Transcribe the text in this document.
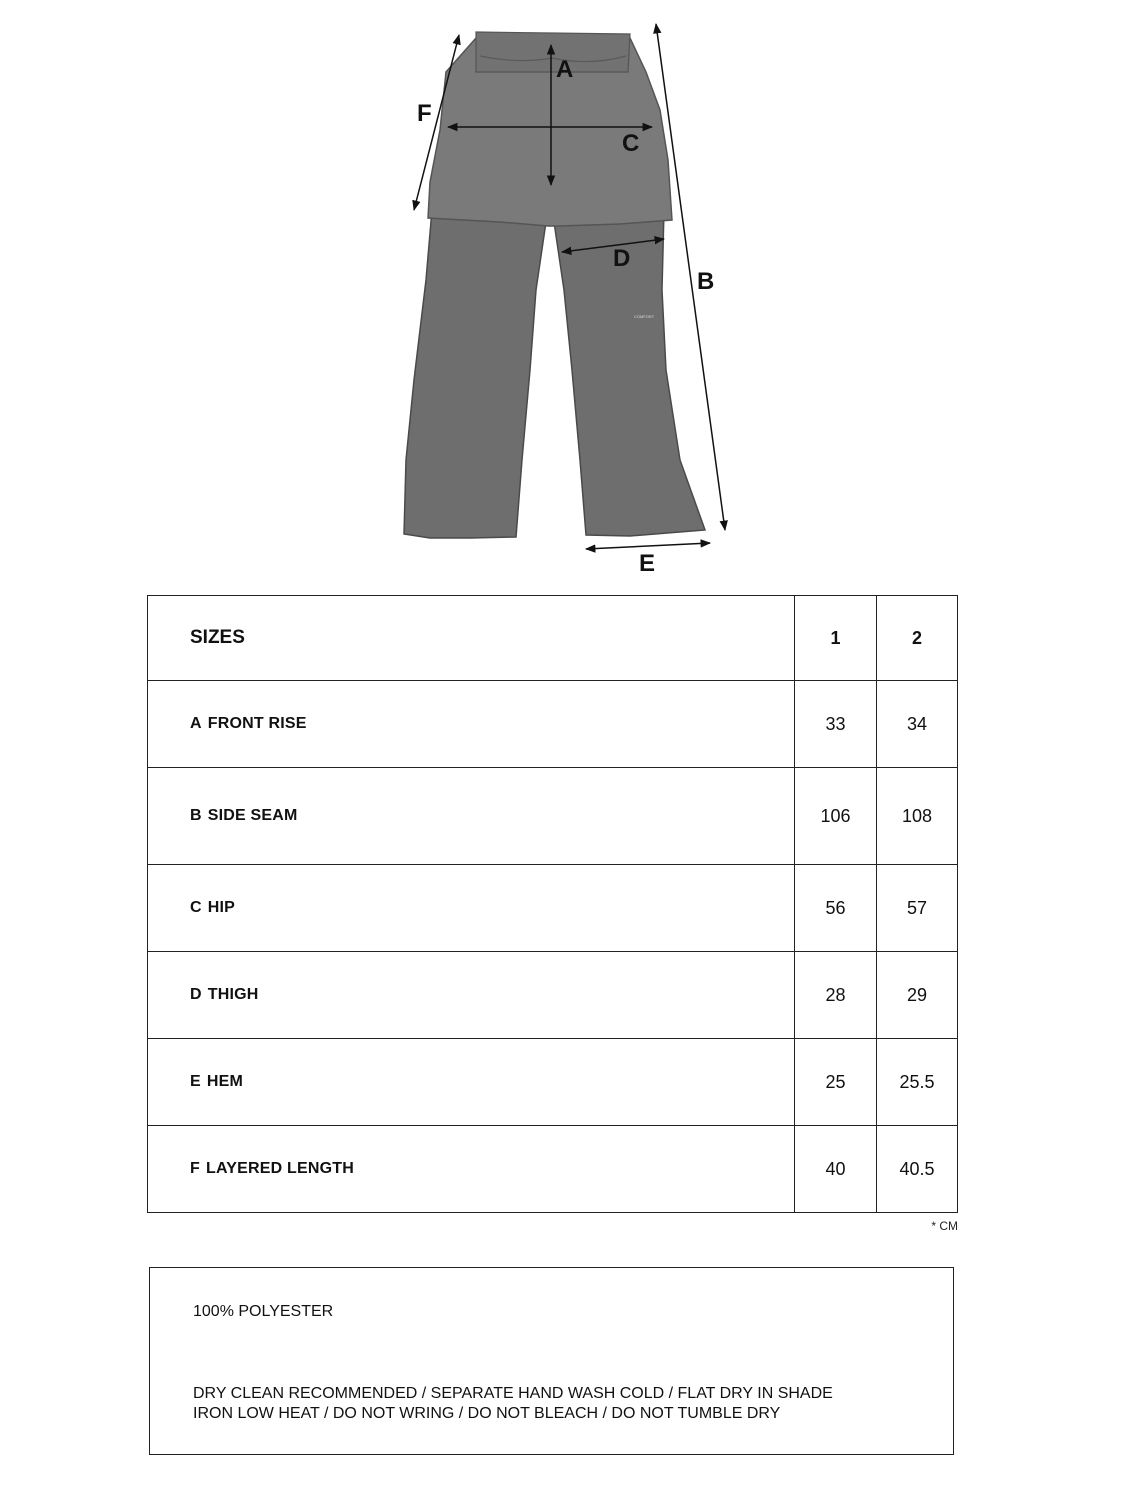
COMFORT
A
C
F
B
D
E
SIZES	1	2
A FRONT RISE	33	34
B SIDE SEAM	106	108
C HIP	56	57
D THIGH	28	29
E HEM	25	25.5
F LAYERED LENGTH	40	40.5
* CM
100% POLYESTER
DRY CLEAN RECOMMENDED / SEPARATE HAND WASH COLD / FLAT DRY IN SHADE
IRON LOW HEAT / DO NOT WRING / DO NOT BLEACH / DO NOT TUMBLE DRY
